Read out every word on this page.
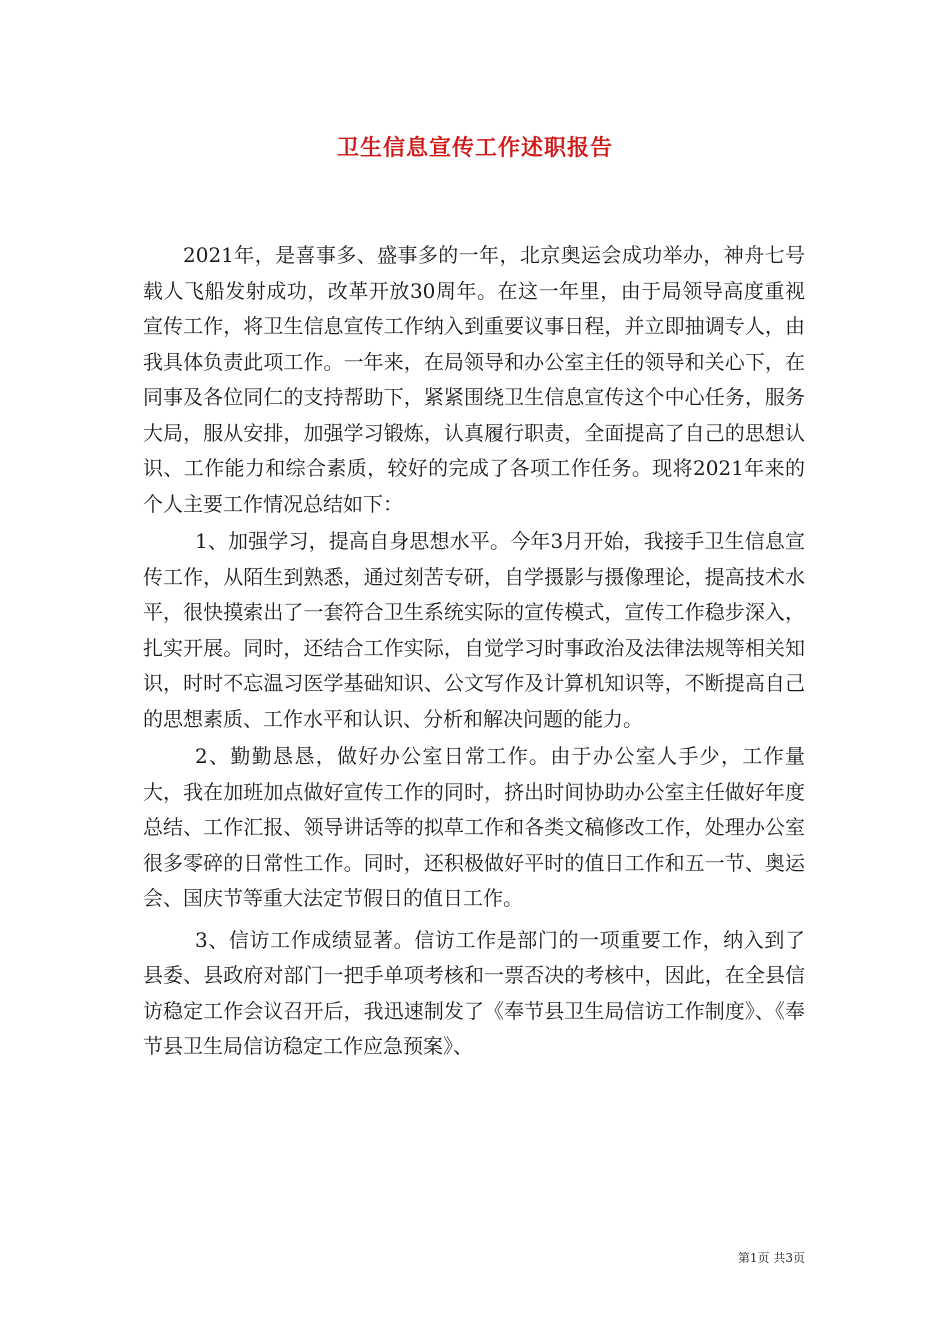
卫生信息宣传工作述职报告

2021年，是喜事多、盛事多的一年，北京奥运会成功举办，神舟七号载人飞船发射成功，改革开放30周年。在这一年里，由于局领导高度重视宣传工作，将卫生信息宣传工作纳入到重要议事日程，并立即抽调专人，由我具体负责此项工作。一年来，在局领导和办公室主任的领导和关心下，在同事及各位同仁的支持帮助下，紧紧围绕卫生信息宣传这个中心任务，服务大局，服从安排，加强学习锻炼，认真履行职责，全面提高了自己的思想认识、工作能力和综合素质，较好的完成了各项工作任务。现将2021年来的个人主要工作情况总结如下：

1、加强学习，提高自身思想水平。今年3月开始，我接手卫生信息宣传工作，从陌生到熟悉，通过刻苦专研，自学摄影与摄像理论，提高技术水平，很快摸索出了一套符合卫生系统实际的宣传模式，宣传工作稳步深入，扎实开展。同时，还结合工作实际，自觉学习时事政治及法律法规等相关知识，时时不忘温习医学基础知识、公文写作及计算机知识等，不断提高自己的思想素质、工作水平和认识、分析和解决问题的能力。

2、勤勤恳恳，做好办公室日常工作。由于办公室人手少，工作量大，我在加班加点做好宣传工作的同时，挤出时间协助办公室主任做好年度总结、工作汇报、领导讲话等的拟草工作和各类文稿修改工作，处理办公室很多零碎的日常性工作。同时，还积极做好平时的值日工作和五一节、奥运会、国庆节等重大法定节假日的值日工作。

3、信访工作成绩显著。信访工作是部门的一项重要工作，纳入到了县委、县政府对部门一把手单项考核和一票否决的考核中，因此，在全县信访稳定工作会议召开后，我迅速制发了《奉节县卫生局信访工作制度》、《奉节县卫生局信访稳定工作应急预案》、

第1页 共3页
